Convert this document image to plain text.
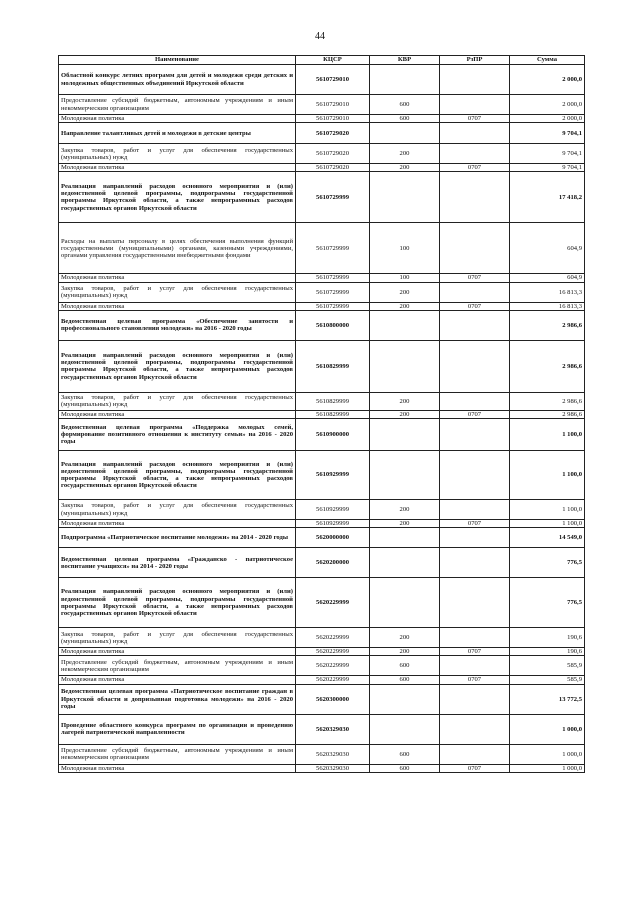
44
Наименование	КЦСР	КВР	РзПР	Сумма
Областной конкурс летних программ для детей и молодежи среди детских и молодежных общественных объединений Иркутской области	5610729010			2 000,0
Предоставление субсидий бюджетным, автономным учреждениям и иным некоммерческим организациям	5610729010	600		2 000,0
Молодежная политика	5610729010	600	0707	2 000,0
Направление талантливых детей и молодежи в детские центры	5610729020			9 704,1
Закупка товаров, работ и услуг для обеспечения государственных (муниципальных) нужд	5610729020	200		9 704,1
Молодежная политика	5610729020	200	0707	9 704,1
Реализация направлений расходов основного мероприятия и (или) ведомственной целевой программы, подпрограммы государственной программы Иркутской области, а также непрограммных расходов государственных органов Иркутской области	5610729999			17 418,2
Расходы на выплаты персоналу в целях обеспечения выполнения функций государственными (муниципальными) органами, казенными учреждениями, органами управления государственными внебюджетными фондами	5610729999	100		604,9
Молодежная политика	5610729999	100	0707	604,9
Закупка товаров, работ и услуг для обеспечения государственных (муниципальных) нужд	5610729999	200		16 813,3
Молодежная политика	5610729999	200	0707	16 813,3
Ведомственная целевая программа «Обеспечение занятости и профессионального становления молодежи» на 2016 - 2020 годы	5610800000			2 986,6
Реализация направлений расходов основного мероприятия и (или) ведомственной целевой программы, подпрограммы государственной программы Иркутской области, а также непрограммных расходов государственных органов Иркутской области	5610829999			2 986,6
Закупка товаров, работ и услуг для обеспечения государственных (муниципальных) нужд	5610829999	200		2 986,6
Молодежная политика	5610829999	200	0707	2 986,6
Ведомственная целевая программа «Поддержка молодых семей, формирование позитивного отношения к институту семьи» на 2016 - 2020 годы	5610900000			1 100,0
Реализация направлений расходов основного мероприятия и (или) ведомственной целевой программы, подпрограммы государственной программы Иркутской области, а также непрограммных расходов государственных органов Иркутской области	5610929999			1 100,0
Закупка товаров, работ и услуг для обеспечения государственных (муниципальных) нужд	5610929999	200		1 100,0
Молодежная политика	5610929999	200	0707	1 100,0
Подпрограмма «Патриотическое воспитание молодежи» на 2014 - 2020 годы	5620000000			14 549,0
Ведомственная целевая программа «Гражданско - патриотическое воспитание учащихся» на 2014 - 2020 годы	5620200000			776,5
Реализация направлений расходов основного мероприятия и (или) ведомственной целевой программы, подпрограммы государственной программы Иркутской области, а также непрограммных расходов государственных органов Иркутской области	5620229999			776,5
Закупка товаров, работ и услуг для обеспечения государственных (муниципальных) нужд	5620229999	200		190,6
Молодежная политика	5620229999	200	0707	190,6
Предоставление субсидий бюджетным, автономным учреждениям и иным некоммерческим организациям	5620229999	600		585,9
Молодежная политика	5620229999	600	0707	585,9
Ведомственная целевая программа «Патриотическое воспитание граждан в Иркутской области и допризывная подготовка молодежи» на 2016 - 2020 годы	5620300000			13 772,5
Проведение областного конкурса программ по организации и проведению лагерей патриотической направленности	5620329030			1 000,0
Предоставление субсидий бюджетным, автономным учреждениям и иным некоммерческим организациям	5620329030	600		1 000,0
Молодежная политика	5620329030	600	0707	1 000,0
